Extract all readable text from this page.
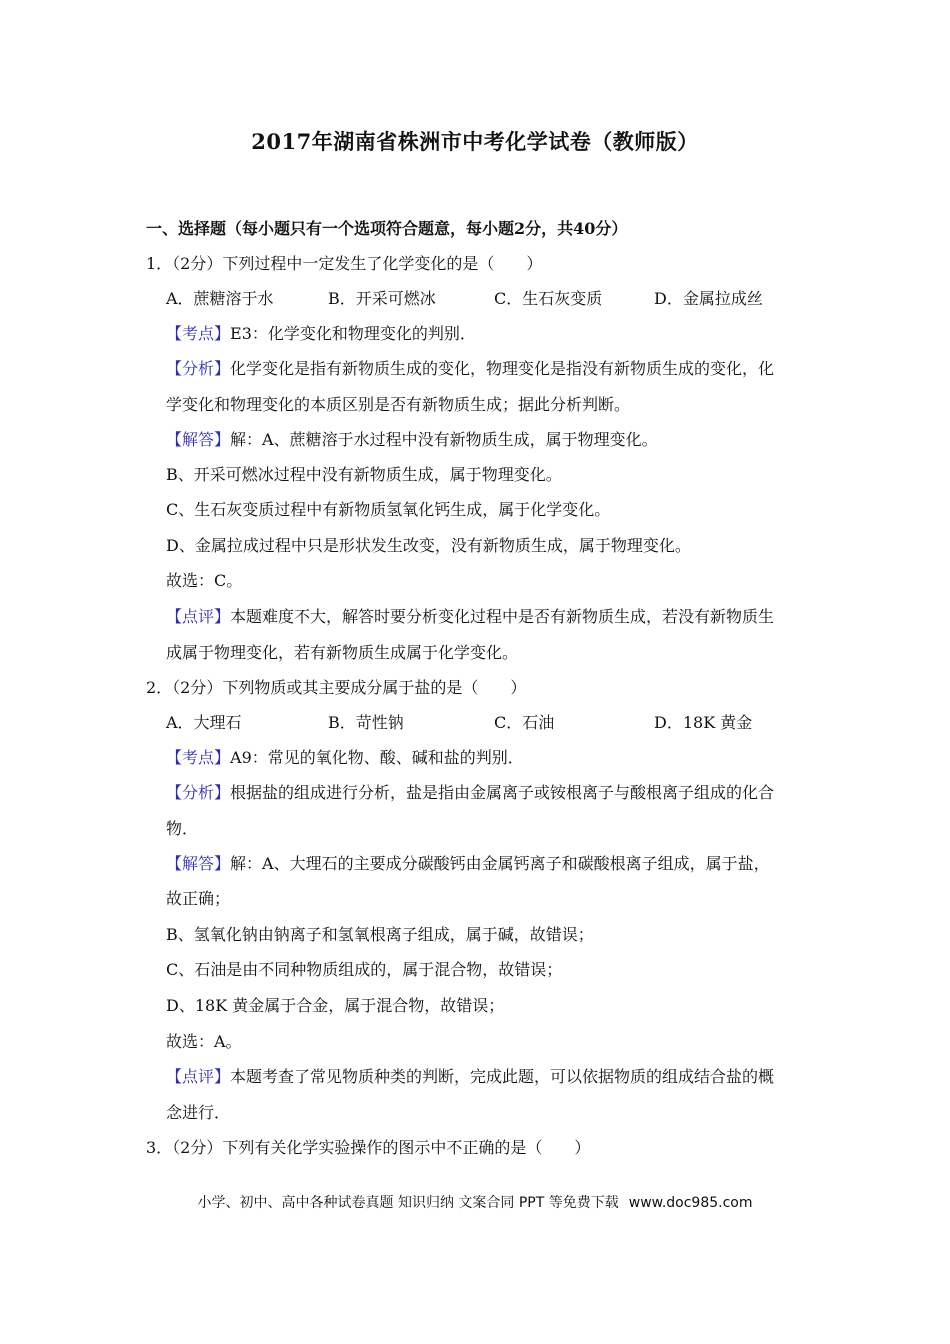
2017年湖南省株洲市中考化学试卷（教师版）
一、选择题（每小题只有一个选项符合题意，每小题2分，共40分）
1．（2分）下列过程中一定发生了化学变化的是（　　）
A．蔗糖溶于水	B．开采可燃冰	C．生石灰变质	D．金属拉成丝
【考点】E3：化学变化和物理变化的判别．
【分析】化学变化是指有新物质生成的变化，物理变化是指没有新物质生成的变化，化
学变化和物理变化的本质区别是否有新物质生成；据此分析判断。
【解答】解：A、蔗糖溶于水过程中没有新物质生成，属于物理变化。
B、开采可燃冰过程中没有新物质生成，属于物理变化。
C、生石灰变质过程中有新物质氢氧化钙生成，属于化学变化。
D、金属拉成过程中只是形状发生改变，没有新物质生成，属于物理变化。
故选：C。
【点评】本题难度不大，解答时要分析变化过程中是否有新物质生成，若没有新物质生
成属于物理变化，若有新物质生成属于化学变化。
2．（2分）下列物质或其主要成分属于盐的是（　　）
A．大理石	B．苛性钠	C．石油	D．18K 黄金
【考点】A9：常见的氧化物、酸、碱和盐的判别．
【分析】根据盐的组成进行分析，盐是指由金属离子或铵根离子与酸根离子组成的化合
物．
【解答】解：A、大理石的主要成分碳酸钙由金属钙离子和碳酸根离子组成，属于盐，
故正确；
B、氢氧化钠由钠离子和氢氧根离子组成，属于碱，故错误；
C、石油是由不同种物质组成的，属于混合物，故错误；
D、18K 黄金属于合金，属于混合物，故错误；
故选：A。
【点评】本题考查了常见物质种类的判断，完成此题，可以依据物质的组成结合盐的概
念进行．
3．（2分）下列有关化学实验操作的图示中不正确的是（　　）
小学、初中、高中各种试卷真题 知识归纳 文案合同 PPT 等免费下载 www.doc985.com
